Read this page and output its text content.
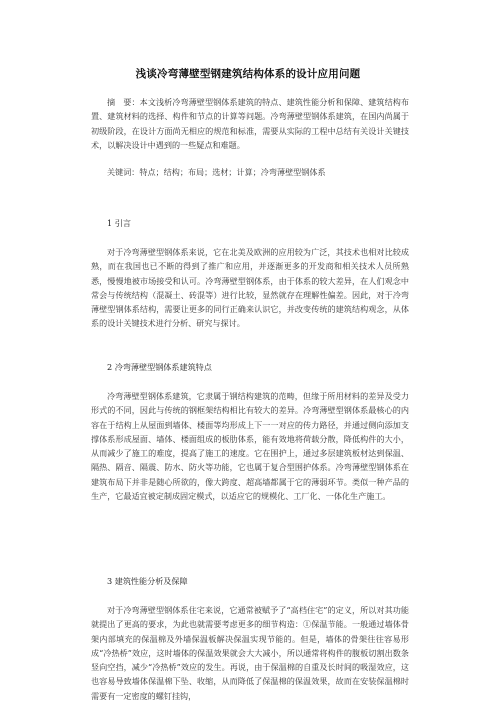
浅谈冷弯薄壁型钢建筑结构体系的设计应用问题

摘　要：本文浅析冷弯薄壁型钢体系建筑的特点、建筑性能分析和保障、建筑结构布置、建筑材料的选择、构件和节点的计算等问题。冷弯薄壁型钢体系建筑，在国内尚属于初级阶段，在设计方面尚无相应的规范和标准，需要从实际的工程中总结有关设计关键技术，以解决设计中遇到的一些疑点和难题。

关键词：特点；结构；布局；选材；计算；冷弯薄壁型钢体系

1 引言

对于冷弯薄壁型钢体系来说，它在北美及欧洲的应用较为广泛，其技术也相对比较成熟，而在我国也已不断的得到了推广和应用，并逐渐更多的开发商和相关技术人员所熟悉，慢慢地被市场接受和认可。冷弯薄壁型钢体系，由于体系的较大差异，在人们观念中常会与传统结构（混凝土、砖混等）进行比较，显然就存在理解性偏差。因此，对于冷弯薄壁型钢体系结构，需要让更多的同行正确来认识它，并改变传统的建筑结构观念，从体系的设计关键技术进行分析、研究与探讨。

2 冷弯薄壁型钢体系建筑特点

冷弯薄壁型钢体系建筑，它隶属于钢结构建筑的范畴，但缘于所用材料的差异及受力形式的不同，因此与传统的钢框架结构相比有较大的差异。冷弯薄壁型钢体系最核心的内容在于结构上从屋面到墙体、楼面等均形成上下一一对应的传力路径，并通过侧向添加支撑体系形成屋面、墙体、楼面组成的板肋体系，能有效地将荷载分散，降低构件的大小，从而减少了施工的难度，提高了施工的速度。它在围护上，通过多层建筑板材达到保温、隔热、隔音、隔震、防水、防火等功能，它也属于复合型围护体系。冷弯薄壁型钢体系在建筑布局下并非是随心所欲的，像大跨度、超高墙都属于它的薄弱环节。类似一种产品的生产，它最适宜被定制成固定模式，以适应它的规模化、工厂化、一体化生产施工。

3 建筑性能分析及保障

对于冷弯薄壁型钢体系住宅来说，它通常被赋予了“高档住宅”的定义，所以对其功能就提出了更高的要求，为此也就需要考虑更多的细节构造：①保温节能。一般通过墙体骨架内部填充的保温棉及外墙保温板解决保温实现节能的。但是，墙体的骨架往往容易形成“冷热桥”效应，这时墙体的保温效果就会大大减小，所以通常将构件的腹板切割出数条竖向空挡，减少“冷热桥”效应的发生。再说，由于保温棉的自重及长时间的吸湿效应，这也容易导致墙体保温棉下坠、收缩，从而降低了保温棉的保温效果，故而在安装保温棉时需要有一定密度的螺钉挂钩，
